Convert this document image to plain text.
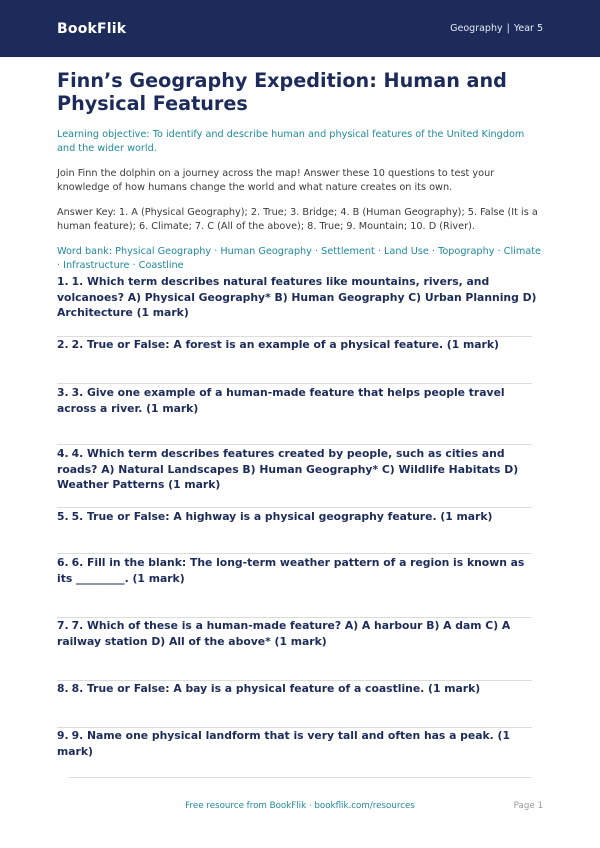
BookFlik	Geography | Year 5
Finn’s Geography Expedition: Human and Physical Features
Learning objective: To identify and describe human and physical features of the United Kingdom and the wider world.
Join Finn the dolphin on a journey across the map! Answer these 10 questions to test your knowledge of how humans change the world and what nature creates on its own.
Answer Key: 1. A (Physical Geography); 2. True; 3. Bridge; 4. B (Human Geography); 5. False (It is a human feature); 6. Climate; 7. C (All of the above); 8. True; 9. Mountain; 10. D (River).
Word bank: Physical Geography · Human Geography · Settlement · Land Use · Topography · Climate · Infrastructure · Coastline
1. 1. Which term describes natural features like mountains, rivers, and volcanoes? A) Physical Geography* B) Human Geography C) Urban Planning D) Architecture (1 mark)
2. 2. True or False: A forest is an example of a physical feature. (1 mark)
3. 3. Give one example of a human-made feature that helps people travel across a river. (1 mark)
4. 4. Which term describes features created by people, such as cities and roads? A) Natural Landscapes B) Human Geography* C) Wildlife Habitats D) Weather Patterns (1 mark)
5. 5. True or False: A highway is a physical geography feature. (1 mark)
6. 6. Fill in the blank: The long-term weather pattern of a region is known as its _________. (1 mark)
7. 7. Which of these is a human-made feature? A) A harbour B) A dam C) A railway station D) All of the above* (1 mark)
8. 8. True or False: A bay is a physical feature of a coastline. (1 mark)
9. 9. Name one physical landform that is very tall and often has a peak. (1 mark)
Free resource from BookFlik · bookflik.com/resources	Page 1
